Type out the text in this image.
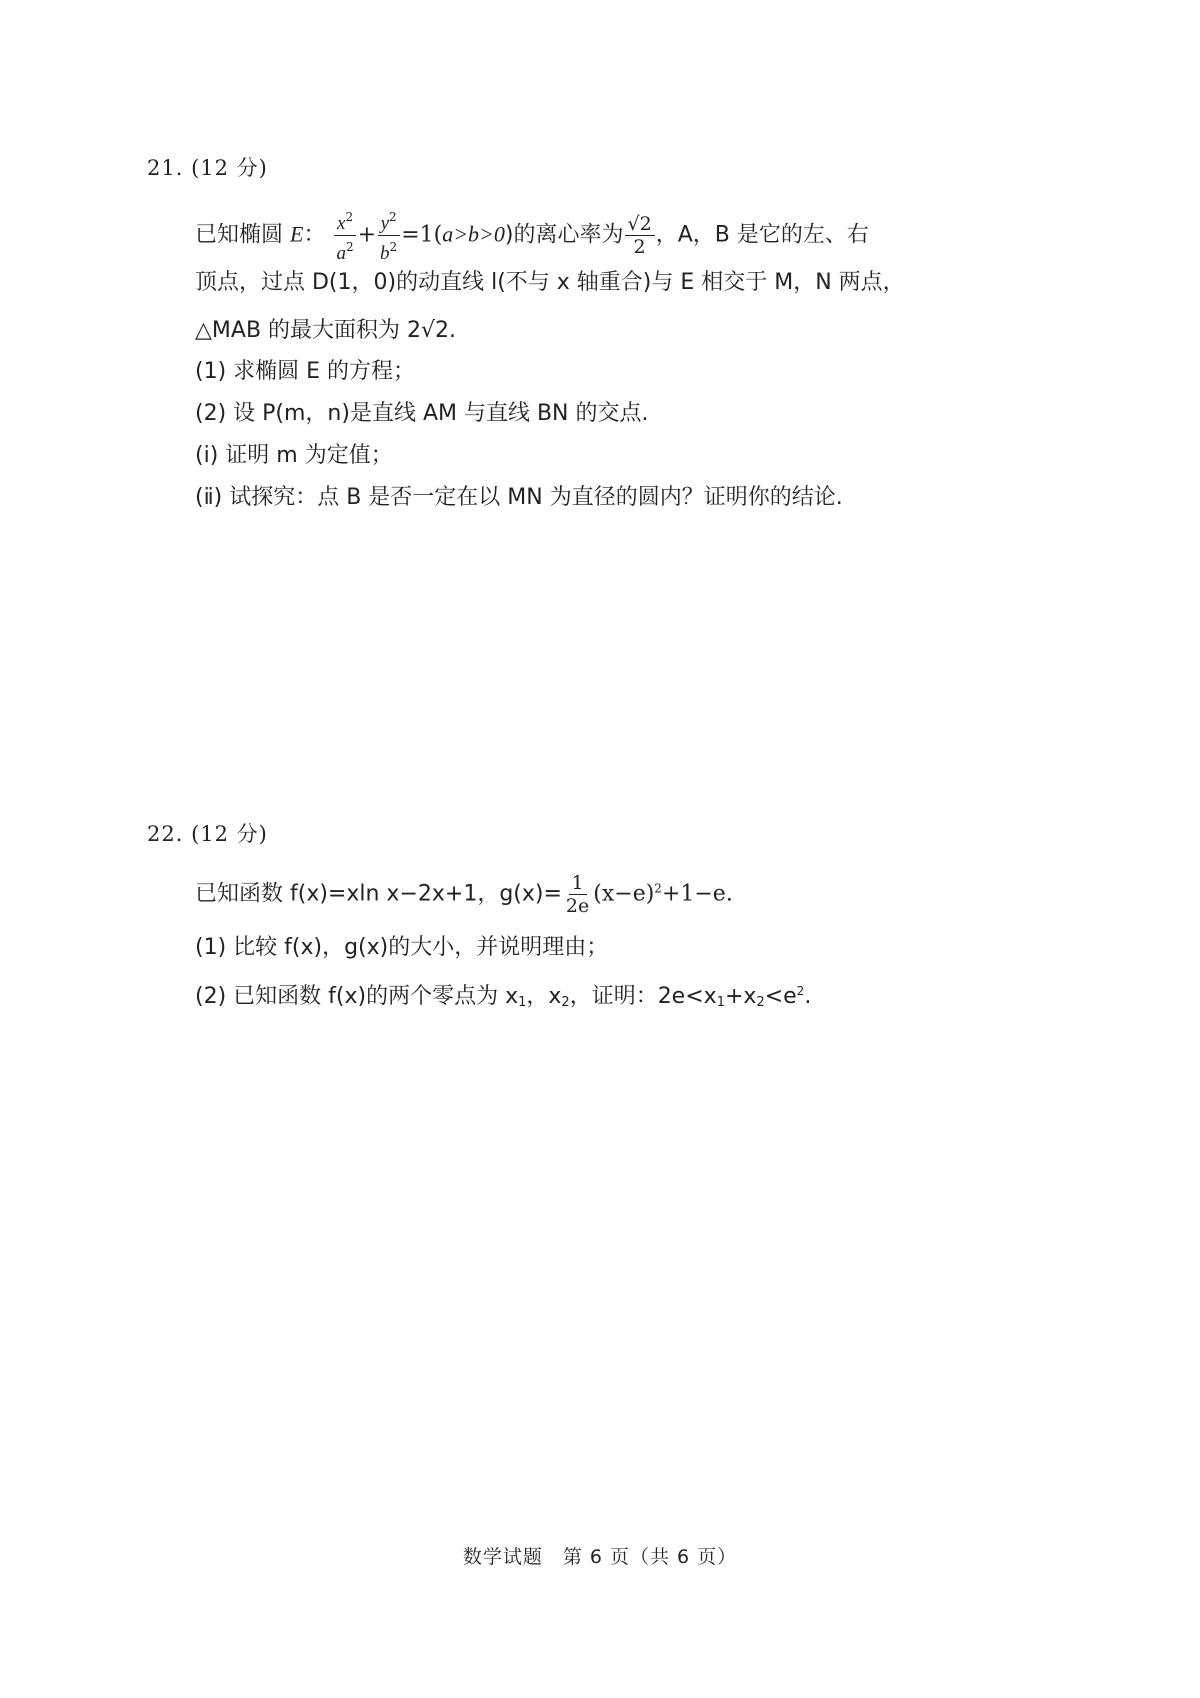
21. (12 分)
已知椭圆 E： $\frac{x^2}{a^2} + \frac{y^2}{b^2} =1(a>b>0)$的离心率为 $\frac{√2}{2}$ ，A，B 是它的左、右
顶点，过点 D(1，0)的动直线 l(不与 x 轴重合)与 E 相交于 M，N 两点，
△MAB 的最大面积为 2√2.
(1) 求椭圆 E 的方程；
(2) 设 P(m，n)是直线 AM 与直线 BN 的交点.
(ⅰ) 证明 m 为定值；
(ⅱ) 试探究：点 B 是否一定在以 MN 为直径的圆内？证明你的结论.
22. (12 分)
已知函数 f(x)=xln x−2x+1，$g(x)= \frac{1}{2e} (x-e)^2+1-e$.
(1) 比较 f(x)，g(x)的大小，并说明理由；
(2) 已知函数 f(x)的两个零点为 $x_1$，$x_2$，证明：$2e<x_1+x_2<e^2$.
数学试题　第 6 页（共 6 页）
